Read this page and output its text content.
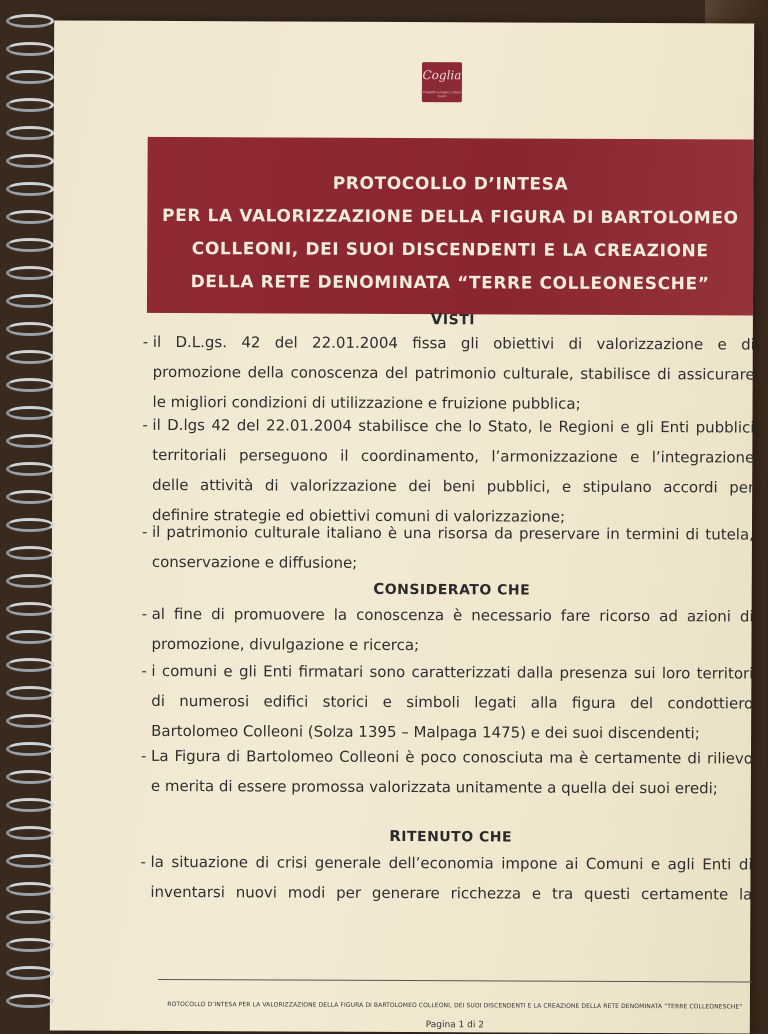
Coglia
Progetto sviluppo culture locali
PROTOCOLLO D’INTESA
PER LA VALORIZZAZIONE DELLA FIGURA DI BARTOLOMEO
COLLEONI, DEI SUOI DISCENDENTI E LA CREAZIONE
DELLA RETE DENOMINATA “TERRE COLLEONESCHE”
VISTI
- il D.L.gs. 42 del 22.01.2004 fissa gli obiettivi di valorizzazione e di
promozione della conoscenza del patrimonio culturale, stabilisce di assicurare
le migliori condizioni di utilizzazione e fruizione pubblica;
- il D.lgs 42 del 22.01.2004 stabilisce che lo Stato, le Regioni e gli Enti pubblici
territoriali perseguono il coordinamento, l’armonizzazione e l’integrazione
delle attività di valorizzazione dei beni pubblici, e stipulano accordi per
definire strategie ed obiettivi comuni di valorizzazione;
- il patrimonio culturale italiano è una risorsa da preservare in termini di tutela,
conservazione e diffusione;
CONSIDERATO CHE
- al fine di promuovere la conoscenza è necessario fare ricorso ad azioni di
promozione, divulgazione e ricerca;
- i comuni e gli Enti firmatari sono caratterizzati dalla presenza sui loro territori
di numerosi edifici storici e simboli legati alla figura del condottiero
Bartolomeo Colleoni (Solza 1395 – Malpaga 1475) e dei suoi discendenti;
- La Figura di Bartolomeo Colleoni è poco conosciuta ma è certamente di rilievo
e merita di essere promossa valorizzata unitamente a quella dei suoi eredi;
RITENUTO CHE
- la situazione di crisi generale dell’economia impone ai Comuni e agli Enti di
inventarsi nuovi modi per generare ricchezza e tra questi certamente la
ROTOCOLLO D’INTESA PER LA VALORIZZAZIONE DELLA FIGURA DI BARTOLOMEO COLLEONI, DEI SUOI DISCENDENTI E LA CREAZIONE DELLA RETE DENOMINATA “TERRE COLLEONESCHE”
Pagina 1 di 2
